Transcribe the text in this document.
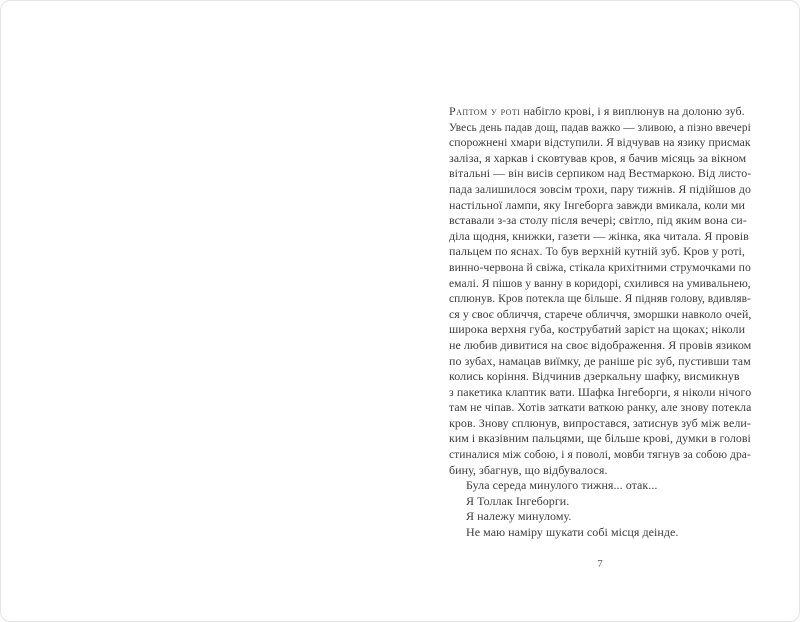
Раптом у роті набігло крові, і я виплюнув на долоню зуб.
Увесь день падав дощ, падав важко — зливою, а пізно ввечері
спорожнені хмари відступили. Я відчував на язику присмак
заліза, я харкав і сковтував кров, я бачив місяць за вікном
вітальні — він висів серпиком над Вестмаркою. Від листо-
пада залишилося зовсім трохи, пару тижнів. Я підійшов до
настільної лампи, яку Інгеборга завжди вмикала, коли ми
вставали з-за столу після вечері; світло, під яким вона си-
діла щодня, книжки, газети — жінка, яка читала. Я провів
пальцем по яснах. То був верхній кутній зуб. Кров у роті,
винно-червона й свіжа, стікала крихітними струмочками по
емалі. Я пішов у ванну в коридорі, схилився на умивальнею,
сплюнув. Кров потекла ще більше. Я підняв голову, вдивляв-
ся у своє обличчя, старече обличчя, зморшки навколо очей,
широка верхня губа, кострубатий заріст на щоках; ніколи
не любив дивитися на своє відображення. Я провів язиком
по зубах, намацав виїмку, де раніше ріс зуб, пустивши там
колись коріння. Відчинив дзеркальну шафку, висмикнув
з пакетика клаптик вати. Шафка Інгеборги, я ніколи нічого
там не чіпав. Хотів заткати ваткою ранку, але знову потекла
кров. Знову сплюнув, випростався, затиснув зуб між вели-
ким і вказівним пальцями, ще більше крові, думки в голові
стиналися між собою, і я поволі, мовби тягнув за собою дра-
бину, збагнув, що відбувалося.
Була середа минулого тижня... отак...
Я Толлак Інгеборги.
Я належу минулому.
Не маю наміру шукати собі місця деінде.
7
